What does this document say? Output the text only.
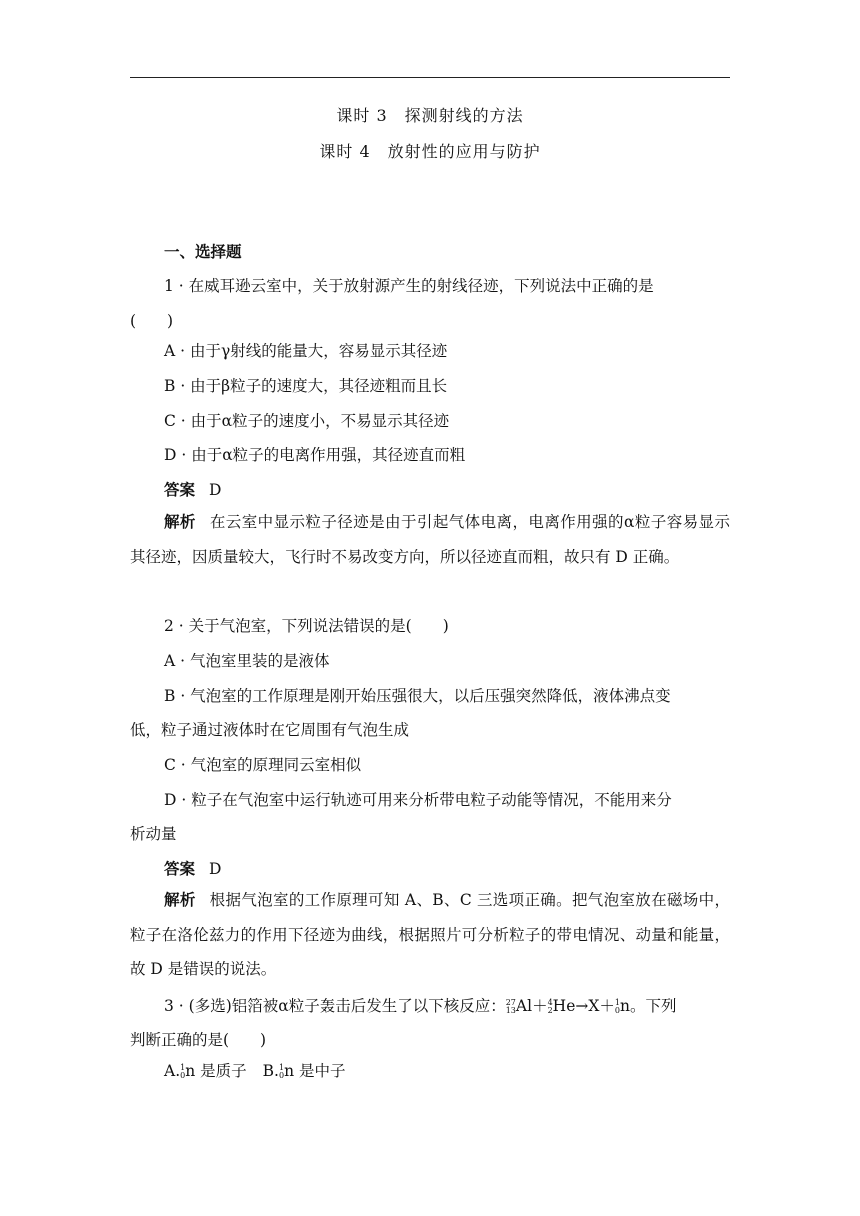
课时 3　探测射线的方法
课时 4　放射性的应用与防护
一、选择题
1 · 在威耳逊云室中，关于放射源产生的射线径迹，下列说法中正确的是
(　　)
A · 由于γ射线的能量大，容易显示其径迹
B · 由于β粒子的速度大，其径迹粗而且长
C · 由于α粒子的速度小，不易显示其径迹
D · 由于α粒子的电离作用强，其径迹直而粗
答案 D
解析 在云室中显示粒子径迹是由于引起气体电离，电离作用强的α粒子容易显示其径迹，因质量较大，飞行时不易改变方向，所以径迹直而粗，故只有 D 正确。
2 · 关于气泡室，下列说法错误的是(　　)
A · 气泡室里装的是液体
B · 气泡室的工作原理是刚开始压强很大，以后压强突然降低，液体沸点变
低，粒子通过液体时在它周围有气泡生成
C · 气泡室的原理同云室相似
D · 粒子在气泡室中运行轨迹可用来分析带电粒子动能等情况，不能用来分
析动量
答案 D
解析 根据气泡室的工作原理可知 A、B、C 三选项正确。把气泡室放在磁场中，粒子在洛伦兹力的作用下径迹为曲线，根据照片可分析粒子的带电情况、动量和能量，故 D 是错误的说法。
3 · (多选)铝箔被α粒子轰击后发生了以下核反应： 27
13 Al＋ 4
2 He→X＋ 1
0 n。下列
判断正确的是(　　)
A. 1
0 n 是质子 B. 1
0 n 是中子
